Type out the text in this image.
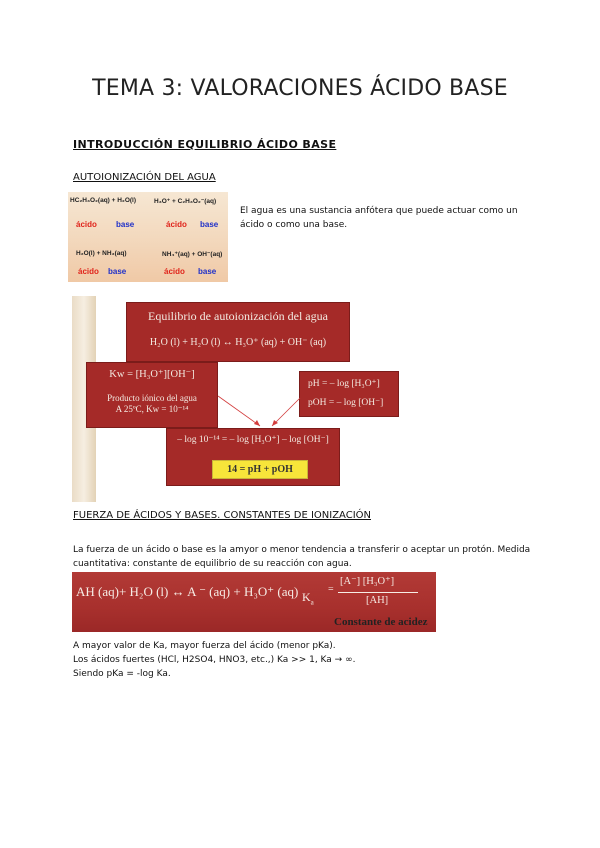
TEMA 3: VALORACIONES ÁCIDO BASE
INTRODUCCIÓN EQUILIBRIO ÁCIDO BASE
AUTOIONIZACIÓN DEL AGUA
HC₂H₃O₂(aq) + H₂O(l)	H₃O⁺ + C₂H₃O₂⁻(aq)
ácido base	ácido base
H₂O(l) + NH₃(aq)	NH₄⁺(aq) + OH⁻(aq)
ácido base	ácido base
El agua es una sustancia anfótera que puede actuar como un
ácido o como una base.
Equilibrio de autoionización del agua
H₂O (l) + H₂O (l) ↔ H₃O⁺ (aq) + OH⁻ (aq)
Kw = [H₃O⁺][OH⁻]
Producto iónico del agua
A 25ºC, Kw = 10⁻¹⁴
pH = – log [H₃O⁺]
pOH = – log [OH⁻]
– log 10⁻¹⁴ = – log [H₃O⁺] – log [OH⁻]
14 = pH + pOH
FUERZA DE ÁCIDOS Y BASES. CONSTANTES DE IONIZACIÓN
La fuerza de un ácido o base es la amyor o menor tendencia a transferir o aceptar un protón. Medida
cuantitativa: constante de equilibrio de su reacción con agua.
AH (aq)+ H₂O (l) ↔ A ⁻ (aq) + H₃O⁺ (aq) $K_a$
=
[A⁻] [H₃O⁺]
[AH]
Constante de acidez
A mayor valor de Ka, mayor fuerza del ácido (menor pKa).
Los ácidos fuertes (HCl, H2SO4, HNO3, etc.,) Ka >> 1, Ka → ∞.
Siendo pKa = -log Ka.
